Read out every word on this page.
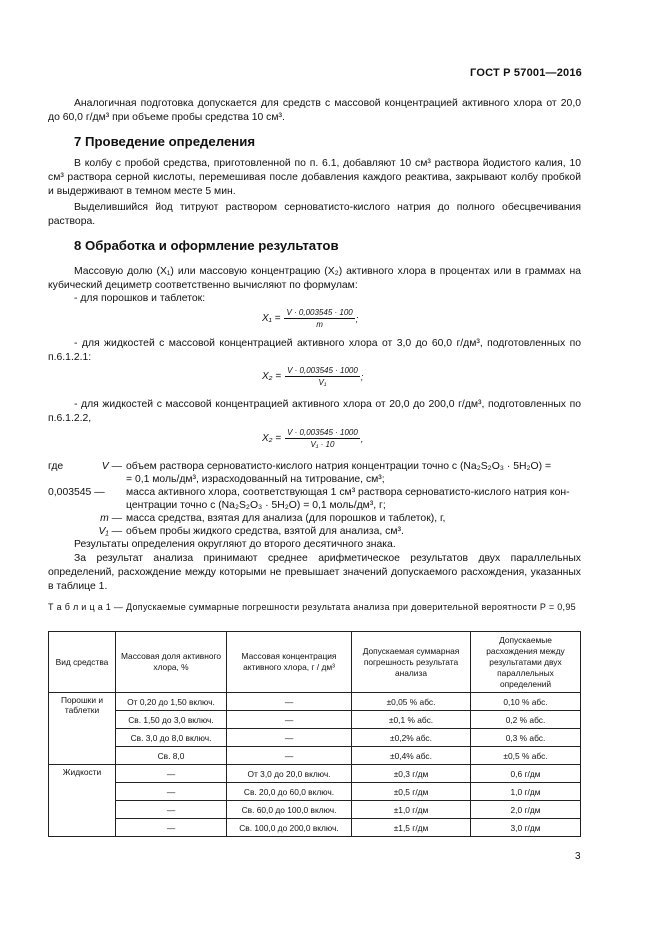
ГОСТ Р 57001—2016
Аналогичная подготовка допускается для средств с массовой концентрацией активного хлора от 20,0 до 60,0 г/дм³ при объеме пробы средства 10 см³.
7 Проведение определения
В колбу с пробой средства, приготовленной по п. 6.1, добавляют 10 см³ раствора йодистого калия, 10 см³ раствора серной кислоты, перемешивая после добавления каждого реактива, закрывают колбу пробкой и выдерживают в темном месте 5 мин.
Выделившийся йод титруют раствором серноватисто-кислого натрия до полного обесцвечивания раствора.
8 Обработка и оформление результатов
Массовую долю (X₁) или массовую концентрацию (X₂) активного хлора в процентах или в граммах на кубический дециметр соответственно вычисляют по формулам:
- для порошков и таблеток:
$X_1 = \frac{V \cdot 0,003545 \cdot 100}{m}$ ;
- для жидкостей с массовой концентрацией активного хлора от 3,0 до 60,0 г/дм³, подготовленных по п.6.1.2.1:
$X_2 = \frac{V \cdot 0,003545 \cdot 1000}{\text{V₁}}$ ;
- для жидкостей с массовой концентрацией активного хлора от 20,0 до 200,0 г/дм³, подготовленных по п.6.1.2.2,
$X_2 = \frac{V \cdot 0,003545 \cdot 1000}{\text{V₁ · 10}}$ ,
где	V — объем раствора серноватисто-кислого натрия концентрации точно c (Na₂S₂O₃ · 5H₂O) =
= 0,1 моль/дм³, израсходованный на титрование, см³;
0,003545 —	масса активного хлора, соответствующая 1 см³ раствора серноватисто-кислого натрия кон-
центрации точно c (Na₂S₂O₃ · 5H₂O) = 0,1 моль/дм³, г;
m — масса средства, взятая для анализа (для порошков и таблеток), г,
V₁ — объем пробы жидкого средства, взятой для анализа, см³.
Результаты определения округляют до второго десятичного знака.
За результат анализа принимают среднее арифметическое результатов двух параллельных определений, расхождение между которыми не превышает значений допускаемого расхождения, указанных в таблице 1.
Т а б л и ц а 1 — Допускаемые суммарные погрешности результата анализа при доверительной вероятности P = 0,95
Вид средства	Массовая доля активного хлора, %	Массовая концентрация активного хлора, г / дм³	Допускаемая суммарная погрешность результата анализа	Допускаемые расхождения между результатами двух параллельных определений
Порошки и таблетки	От 0,20 до 1,50 включ.	—	±0,05 % абс.	0,10 % абс.
	Св. 1,50 до 3,0 включ.	—	±0,1 % абс.	0,2 % абс.
	Св. 3,0 до 8,0 включ.	—	±0,2% абс.	0,3 % абс.
	Св. 8,0	—	±0,4% абс.	±0,5 % абс.
Жидкости	—	От 3,0 до 20,0 включ.	±0,3 г/дм	0,6 г/дм
	—	Св. 20,0 до 60,0 включ.	±0,5 г/дм	1,0 г/дм
	—	Св. 60,0 до 100,0 включ.	±1,0 г/дм	2,0 г/дм
	—	Св. 100,0 до 200,0 включ.	±1,5 г/дм	3,0 г/дм
3
